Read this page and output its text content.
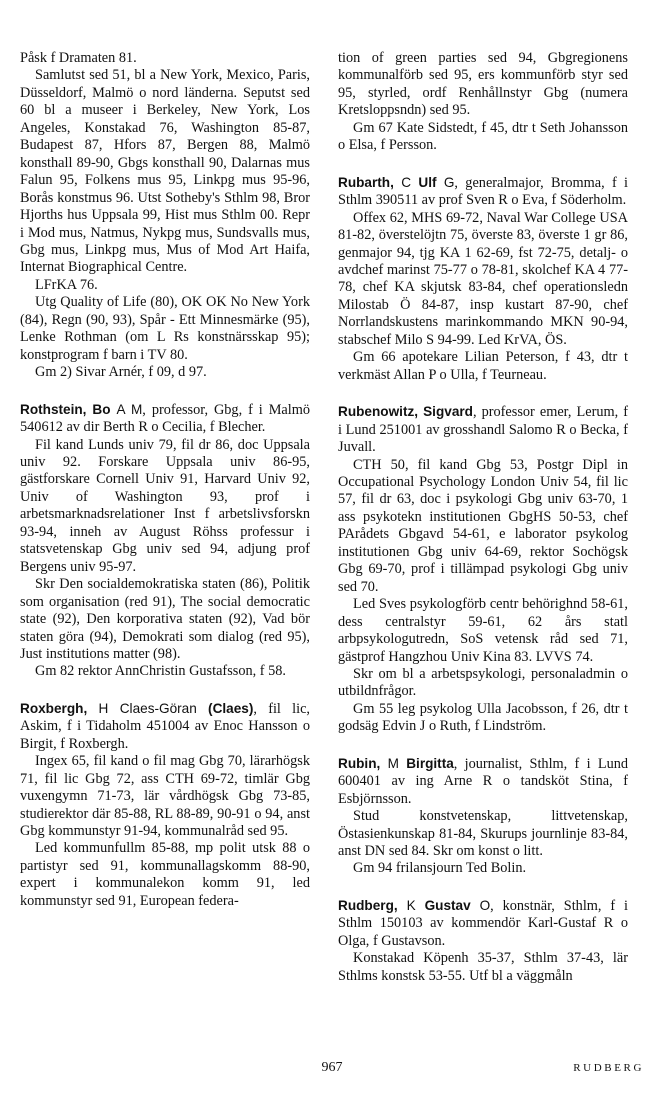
Påsk f Dramaten 81.

Samlutst sed 51, bl a New York, Mexico, Paris, Düsseldorf, Malmö o nord länderna. Seputst sed 60 bl a museer i Berkeley, New York, Los Angeles, Konstakad 76, Washington 85-87, Budapest 87, Hfors 87, Bergen 88, Malmö konsthall 89-90, Gbgs konsthall 90, Dalarnas mus Falun 95, Folkens mus 95, Linkpg mus 95-96, Borås konstmus 96. Utst Sotheby's Sthlm 98, Bror Hjorths hus Uppsala 99, Hist mus Sthlm 00. Repr i Mod mus, Natmus, Nykpg mus, Sundsvalls mus, Gbg mus, Linkpg mus, Mus of Mod Art Haifa, Internat Biographical Centre.

LFrKA 76.

Utg Quality of Life (80), OK OK No New York (84), Regn (90, 93), Spår - Ett Minnesmärke (95), Lenke Rothman (om L Rs konstnärsskap 95); konstprogram f barn i TV 80.

Gm 2) Sivar Arnér, f 09, d 97.

Rothstein, Bo A M, professor, Gbg, f i Malmö 540612 av dir Berth R o Cecilia, f Blecher.

Fil kand Lunds univ 79, fil dr 86, doc Uppsala univ 92. Forskare Uppsala univ 86-95, gästforskare Cornell Univ 91, Harvard Univ 92, Univ of Washington 93, prof i arbetsmarknadsrelationer Inst f arbetslivsforskn 93-94, inneh av August Röhss professur i statsvetenskap Gbg univ sed 94, adjung prof Bergens univ 95-97.

Skr Den socialdemokratiska staten (86), Politik som organisation (red 91), The social democratic state (92), Den korporativa staten (92), Vad bör staten göra (94), Demokrati som dialog (red 95), Just institutions matter (98).

Gm 82 rektor AnnChristin Gustafsson, f 58.

Roxbergh, H Claes-Göran (Claes), fil lic, Askim, f i Tidaholm 451004 av Enoc Hansson o Birgit, f Roxbergh.

Ingex 65, fil kand o fil mag Gbg 70, lärarhögsk 71, fil lic Gbg 72, ass CTH 69-72, timlär Gbg vuxengymn 71-73, lär vårdhögsk Gbg 73-85, studierektor där 85-88, RL 88-89, 90-91 o 94, anst Gbg kommunstyr 91-94, kommunalråd sed 95.

Led kommunfullm 85-88, mp polit utsk 88 o partistyr sed 91, kommunallagskomm 88-90, expert i kommunalekon komm 91, led kommunstyr sed 91, European federa-

tion of green parties sed 94, Gbgregionens kommunalförb sed 95, ers kommunförb styr sed 95, styrled, ordf Renhållnstyr Gbg (numera Kretsloppsndn) sed 95.

Gm 67 Kate Sidstedt, f 45, dtr t Seth Johansson o Elsa, f Persson.

Rubarth, C Ulf G, generalmajor, Bromma, f i Sthlm 390511 av prof Sven R o Eva, f Söderholm.

Offex 62, MHS 69-72, Naval War College USA 81-82, överstelöjtn 75, överste 83, överste 1 gr 86, genmajor 94, tjg KA 1 62-69, fst 72-75, detalj- o avdchef marinst 75-77 o 78-81, skolchef KA 4 77-78, chef KA skjutsk 83-84, chef operationsledn Milostab Ö 84-87, insp kustart 87-90, chef Norrlandskustens marinkommando MKN 90-94, stabschef Milo S 94-99. Led KrVA, ÖS.

Gm 66 apotekare Lilian Peterson, f 43, dtr t verkmäst Allan P o Ulla, f Teurneau.

Rubenowitz, Sigvard, professor emer, Lerum, f i Lund 251001 av grosshandl Salomo R o Becka, f Juvall.

CTH 50, fil kand Gbg 53, Postgr Dipl in Occupational Psychology London Univ 54, fil lic 57, fil dr 63, doc i psykologi Gbg univ 63-70, 1 ass psykotekn institutionen GbgHS 50-53, chef PArådets Gbgavd 54-61, e laborator psykolog institutionen Gbg univ 64-69, rektor Sochögsk Gbg 69-70, prof i tillämpad psykologi Gbg univ sed 70.

Led Sves psykologförb centr behörighnd 58-61, dess centralstyr 59-61, 62 års statl arbpsykologutredn, SoS vetensk råd sed 71, gästprof Hangzhou Univ Kina 83. LVVS 74.

Skr om bl a arbetspsykologi, personaladmin o utbildnfrågor.

Gm 55 leg psykolog Ulla Jacobsson, f 26, dtr t godsäg Edvin J o Ruth, f Lindström.

Rubin, M Birgitta, journalist, Sthlm, f i Lund 600401 av ing Arne R o tandsköt Stina, f Esbjörnsson.

Stud konstvetenskap, littvetenskap, Östasienkunskap 81-84, Skurups journlinje 83-84, anst DN sed 84. Skr om konst o litt.

Gm 94 frilansjourn Ted Bolin.

Rudberg, K Gustav O, konstnär, Sthlm, f i Sthlm 150103 av kommendör Karl-Gustaf R o Olga, f Gustavson.

Konstakad Köpenh 35-37, Sthlm 37-43, lär Sthlms konstsk 53-55. Utf bl a väggmåln

967	RUDBERG
